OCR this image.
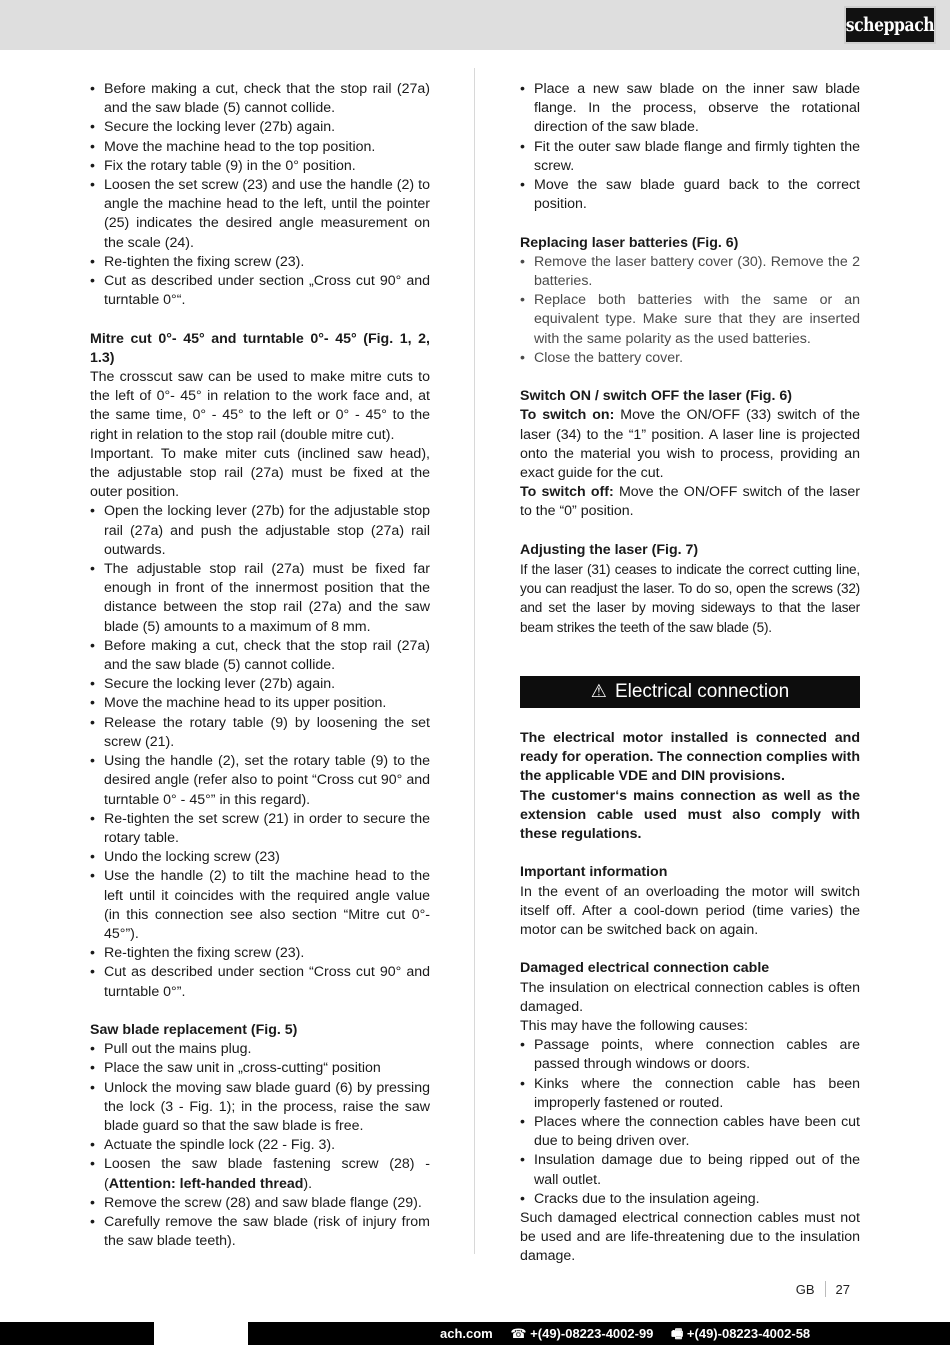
scheppach
• Before making a cut, check that the stop rail (27a) and the saw blade (5) cannot collide.
• Secure the locking lever (27b) again.
• Move the machine head to the top position.
• Fix the rotary table (9) in the 0° position.
• Loosen the set screw (23) and use the handle (2) to angle the machine head to the left, until the pointer (25) indicates the desired angle measurement on the scale (24).
• Re-tighten the fixing screw (23).
• Cut as described under section „Cross cut 90° and turntable 0°“.

Mitre cut 0°- 45° and turntable 0°- 45° (Fig. 1, 2, 1.3)

The crosscut saw can be used to make mitre cuts to the left of 0°- 45° in relation to the work face and, at the same time, 0° - 45° to the left or 0° - 45° to the right in relation to the stop rail (double mitre cut).

Important. To make miter cuts (inclined saw head), the adjustable stop rail (27a) must be fixed at the outer position.

• Open the locking lever (27b) for the adjustable stop rail (27a) and push the adjustable stop (27a) rail outwards.
• The adjustable stop rail (27a) must be fixed far enough in front of the innermost position that the distance between the stop rail (27a) and the saw blade (5) amounts to a maximum of 8 mm.
• Before making a cut, check that the stop rail (27a) and the saw blade (5) cannot collide.
• Secure the locking lever (27b) again.
• Move the machine head to its upper position.
• Release the rotary table (9) by loosening the set screw (21).
• Using the handle (2), set the rotary table (9) to the desired angle (refer also to point “Cross cut 90° and turntable 0° - 45°” in this regard).
• Re-tighten the set screw (21) in order to secure the rotary table.
• Undo the locking screw (23)
• Use the handle (2) to tilt the machine head to the left until it coincides with the required angle value (in this connection see also section “Mitre cut 0°- 45°”).
• Re-tighten the fixing screw (23).
• Cut as described under section “Cross cut 90° and turntable 0°”.

Saw blade replacement (Fig. 5)

• Pull out the mains plug.
• Place the saw unit in „cross-cutting“ position
• Unlock the moving saw blade guard (6) by pressing the lock (3 - Fig. 1); in the process, raise the saw blade guard so that the saw blade is free.
• Actuate the spindle lock (22 - Fig. 3).
• Loosen the saw blade fastening screw (28) - (Attention: left-handed thread).
• Remove the screw (28) and saw blade flange (29).
• Carefully remove the saw blade (risk of injury from the saw blade teeth).
• Place a new saw blade on the inner saw blade flange. In the process, observe the rotational direction of the saw blade.
• Fit the outer saw blade flange and firmly tighten the screw.
• Move the saw blade guard back to the correct position.

Replacing laser batteries (Fig. 6)

• Remove the laser battery cover (30). Remove the 2 batteries.
• Replace both batteries with the same or an equivalent type. Make sure that they are inserted with the same polarity as the used batteries.
• Close the battery cover.

Switch ON / switch OFF the laser (Fig. 6)

To switch on: Move the ON/OFF (33) switch of the laser (34) to the “1” position. A laser line is projected onto the material you wish to process, providing an exact guide for the cut.

To switch off: Move the ON/OFF switch of the laser to the “0” position.

Adjusting the laser (Fig. 7)

If the laser (31) ceases to indicate the correct cutting line, you can readjust the laser. To do so, open the screws (32) and set the laser by moving sideways to that the laser beam strikes the teeth of the saw blade (5).

⚠ Electrical connection

The electrical motor installed is connected and ready for operation. The connection complies with the applicable VDE and DIN provisions.

The customer‘s mains connection as well as the extension cable used must also comply with these regulations.

Important information

In the event of an overloading the motor will switch itself off. After a cool-down period (time varies) the motor can be switched back on again.

Damaged electrical connection cable

The insulation on electrical connection cables is often damaged.

This may have the following causes:

• Passage points, where connection cables are passed through windows or doors.
• Kinks where the connection cable has been improperly fastened or routed.
• Places where the connection cables have been cut due to being driven over.
• Insulation damage due to being ripped out of the wall outlet.
• Cracks due to the insulation ageing.

Such damaged electrical connection cables must not be used and are life-threatening due to the insulation damage.

GB 27
ach.com ☎ +(49)-08223-4002-99 🖷 +(49)-08223-4002-58
